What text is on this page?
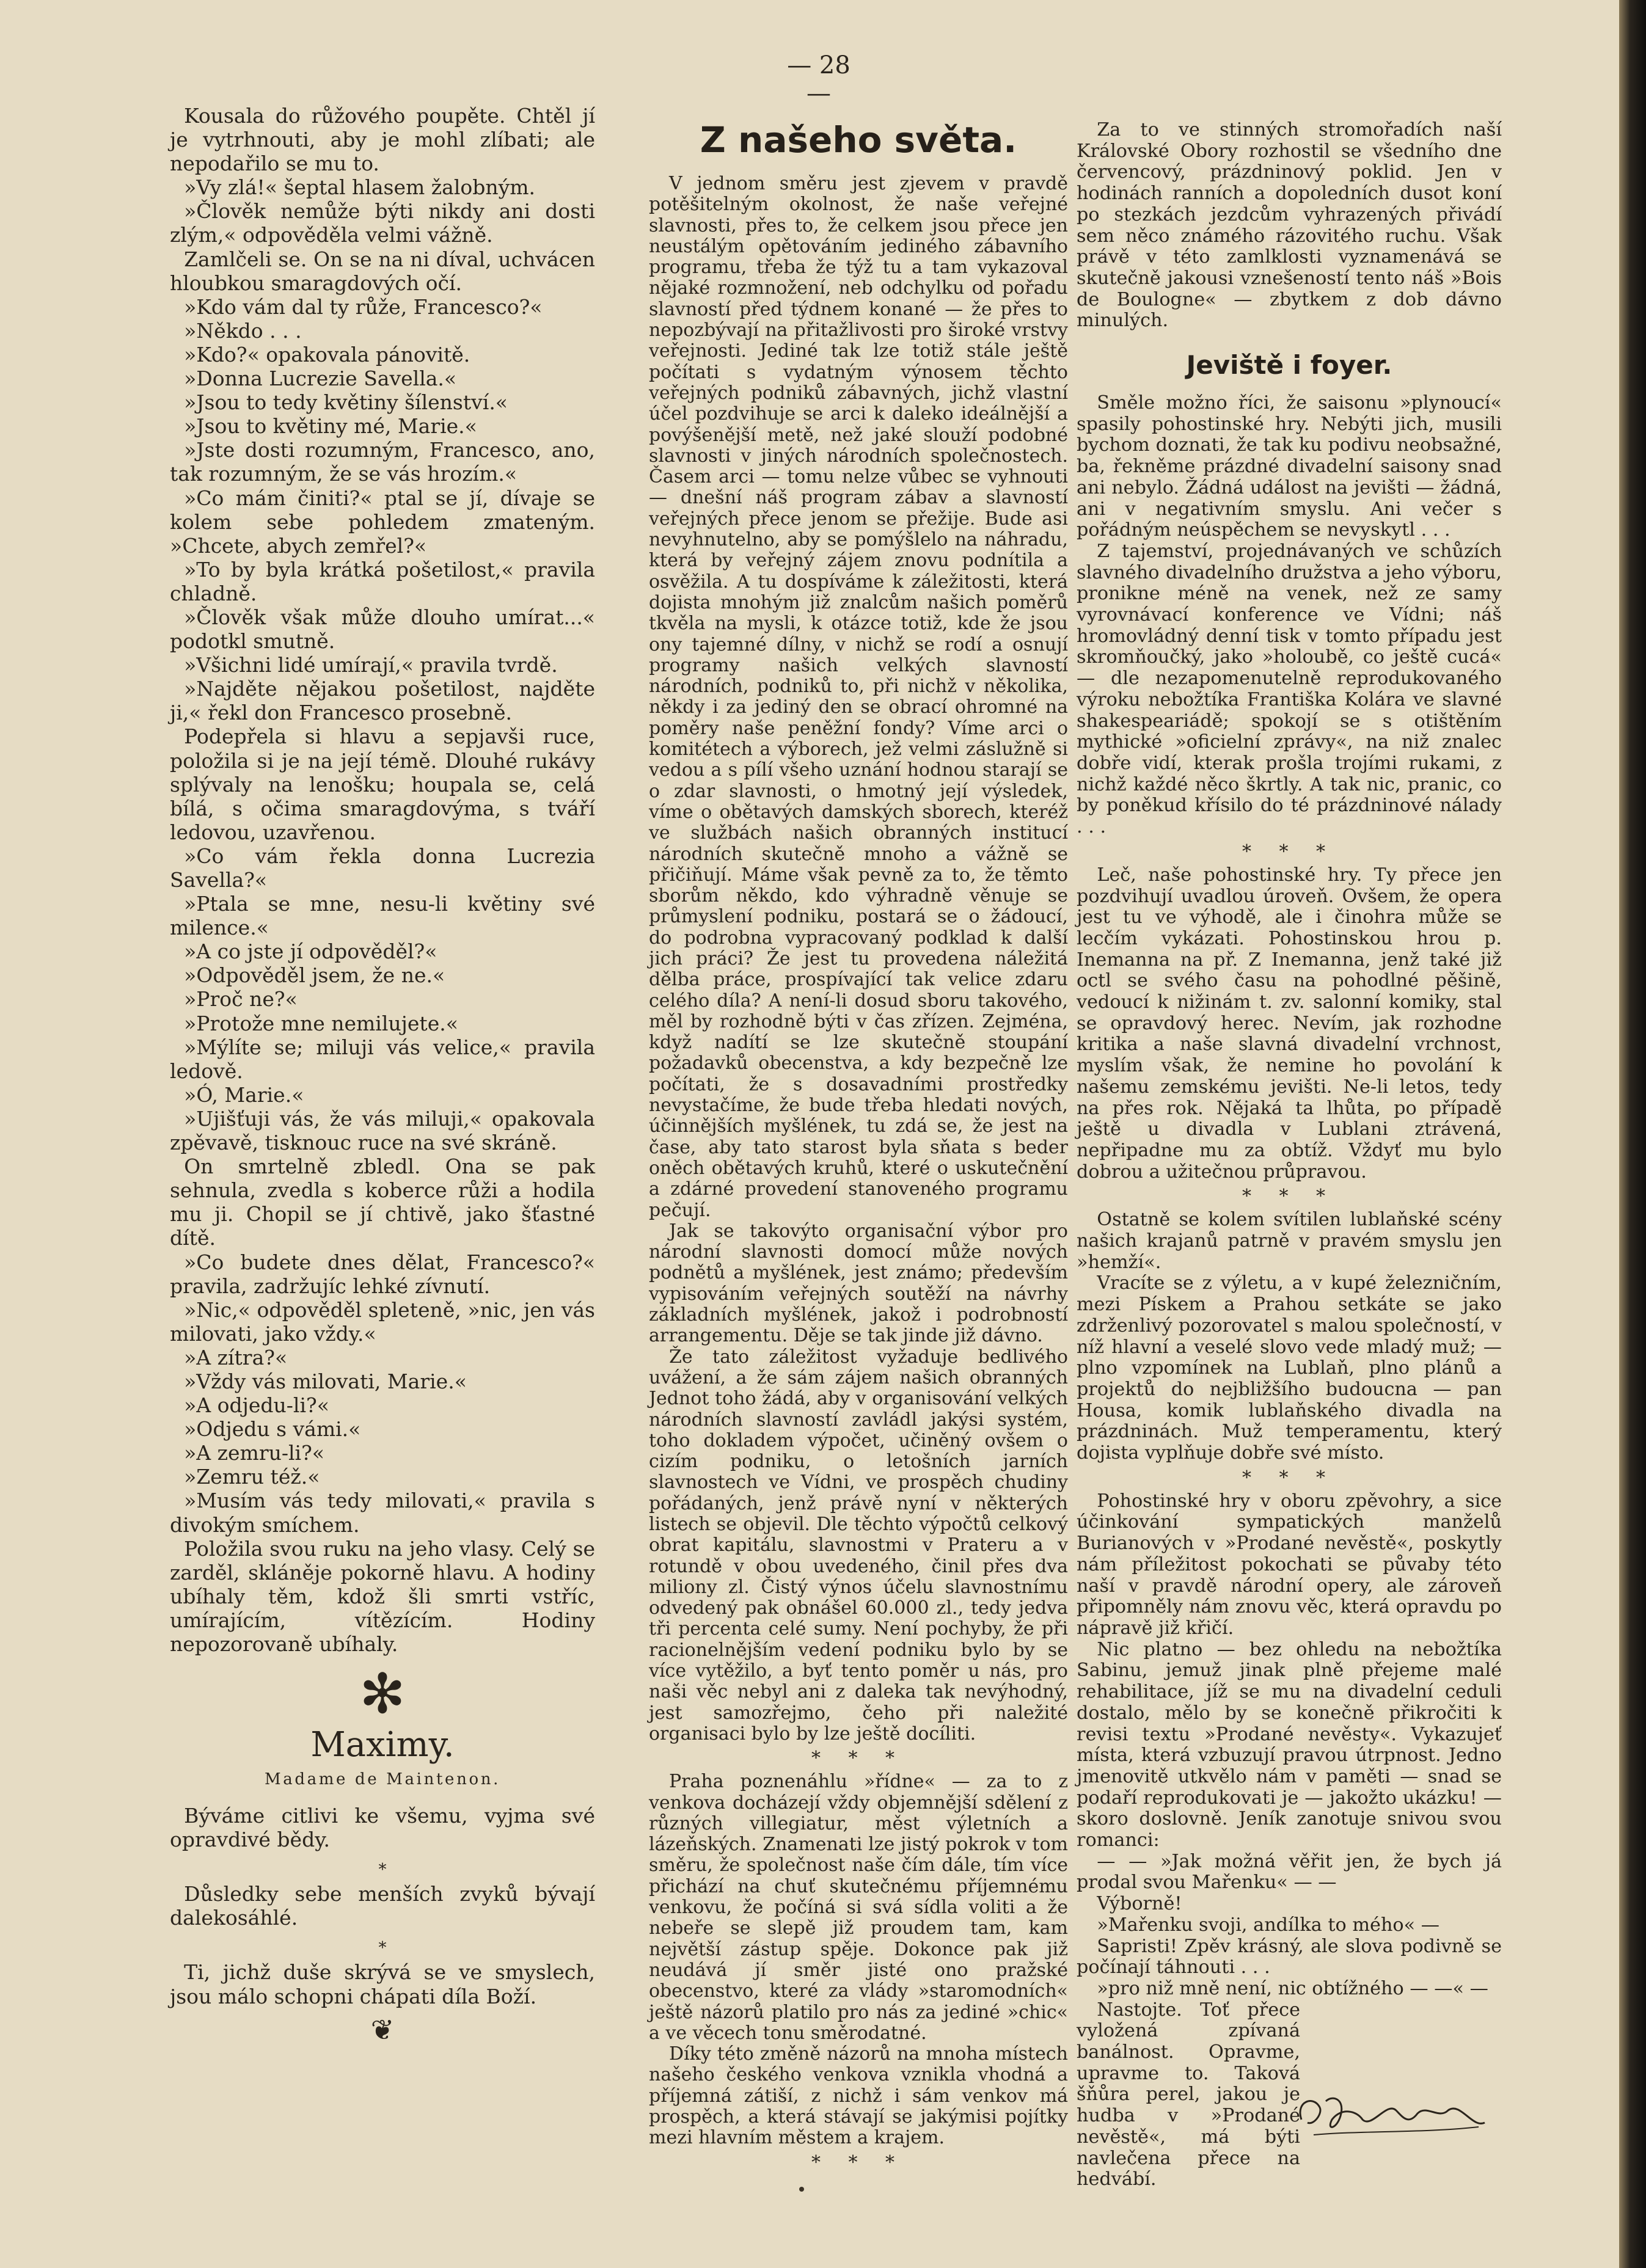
— 28 —

Kousala do růžového poupěte. Chtěl jí je vytrhnouti, aby je mohl zlíbati; ale nepodařilo se mu to.

»Vy zlá!« šeptal hlasem žalobným.

»Člověk nemůže býti nikdy ani dosti zlým,« odpověděla velmi vážně.

Zamlčeli se. On se na ni díval, uchvácen hloubkou smaragdových očí.

»Kdo vám dal ty růže, Francesco?«

»Někdo . . .

»Kdo?« opakovala pánovitě.

»Donna Lucrezie Savella.«

»Jsou to tedy květiny šílenství.«

»Jsou to květiny mé, Marie.«

»Jste dosti rozumným, Francesco, ano, tak rozumným, že se vás hrozím.«

»Co mám činiti?« ptal se jí, dívaje se kolem sebe pohledem zmateným. »Chcete, abych zemřel?«

»To by byla krátká pošetilost,« pravila chladně.

»Člověk však může dlouho umírat...« podotkl smutně.

»Všichni lidé umírají,« pravila tvrdě.

»Najděte nějakou pošetilost, najděte ji,« řekl don Francesco prosebně.

Podepřela si hlavu a sepjavši ruce, položila si je na její témě. Dlouhé rukávy splývaly na lenošku; houpala se, celá bílá, s očima smaragdovýma, s tváří ledovou, uzavřenou.

»Co vám řekla donna Lucrezia Savella?«

»Ptala se mne, nesu-li květiny své milence.«

»A co jste jí odpověděl?«

»Odpověděl jsem, že ne.«

»Proč ne?«

»Protože mne nemilujete.«

»Mýlíte se; miluji vás velice,« pravila ledově.

»Ó, Marie.«

»Ujišťuji vás, že vás miluji,« opakovala zpěvavě, tisknouc ruce na své skráně.

On smrtelně zbledl. Ona se pak sehnula, zvedla s koberce růži a hodila mu ji. Chopil se jí chtivě, jako šťastné dítě.

»Co budete dnes dělat, Francesco?« pravila, zadržujíc lehké zívnutí.

»Nic,« odpověděl spleteně, »nic, jen vás milovati, jako vždy.«

»A zítra?«

»Vždy vás milovati, Marie.«

»A odjedu-li?«

»Odjedu s vámi.«

»A zemru-li?«

»Zemru též.«

»Musím vás tedy milovati,« pravila s divokým smíchem.

Položila svou ruku na jeho vlasy. Celý se zarděl, skláněje pokorně hlavu. A hodiny ubíhaly těm, kdož šli smrti vstříc, umírajícím, vítězícím. Hodiny nepozorovaně ubíhaly.

✻
Maximy.
Madame de Maintenon.

Býváme citlivi ke všemu, vyjma své opravdivé bědy.

*

Důsledky sebe menších zvyků bývají dalekosáhlé.

*

Ti, jichž duše skrývá se ve smyslech, jsou málo schopni chápati díla Boží.

❦
Z našeho světa.

V jednom směru jest zjevem v pravdě potěšitelným okolnost, že naše veřejné slavnosti, přes to, že celkem jsou přece jen neustálým opětováním jediného zábavního programu, třeba že týž tu a tam vykazoval nějaké rozmnožení, neb odchylku od pořadu slavností před týdnem konané — že přes to nepozbývají na přitažlivosti pro široké vrstvy veřejnosti. Jediné tak lze totiž stále ještě počítati s vydatným výnosem těchto veřejných podniků zábavných, jichž vlastní účel pozdvihuje se arci k daleko ideálnější a povýšenější metě, než jaké slouží podobné slavnosti v jiných národních společnostech. Časem arci — tomu nelze vůbec se vyhnouti — dnešní náš program zábav a slavností veřejných přece jenom se přežije. Bude asi nevyhnutelno, aby se pomýšlelo na náhradu, která by veřejný zájem znovu podnítila a osvěžila. A tu dospíváme k záležitosti, která dojista mnohým již znalcům našich poměrů tkvěla na mysli, k otázce totiž, kde že jsou ony tajemné dílny, v nichž se rodí a osnují programy našich velkých slavností národních, podniků to, při nichž v několika, někdy i za jediný den se obrací ohromné na poměry naše peněžní fondy? Víme arci o komitétech a výborech, jež velmi záslužně si vedou a s pílí všeho uznání hodnou starají se o zdar slavnosti, o hmotný její výsledek, víme o obětavých damských sborech, kteréž ve službách našich obranných institucí národních skutečně mnoho a vážně se přičiňují. Máme však pevně za to, že těmto sborům někdo, kdo výhradně věnuje se průmyslení podniku, postará se o žádoucí, do podrobna vypracovaný podklad k další jich práci? Že jest tu provedena náležitá dělba práce, prospívající tak velice zdaru celého díla? A není-li dosud sboru takového, měl by rozhodně býti v čas zřízen. Zejména, když nadítí se lze skutečně stoupání požadavků obecenstva, a kdy bezpečně lze počítati, že s dosavadními prostředky nevystačíme, že bude třeba hledati nových, účinnějších myšlének, tu zdá se, že jest na čase, aby tato starost byla sňata s beder oněch obětavých kruhů, které o uskutečnění a zdárné provedení stanoveného programu pečují.

Jak se takovýto organisační výbor pro národní slavnosti domocí může nových podnětů a myšlének, jest známo; především vypisováním veřejných soutěží na návrhy základních myšlének, jakož i podrobností arrangementu. Děje se tak jinde již dávno.

Že tato záležitost vyžaduje bedlivého uvážení, a že sám zájem našich obranných Jednot toho žádá, aby v organisování velkých národních slavností zavládl jakýsi systém, toho dokladem výpočet, učiněný ovšem o cizím podniku, o letošních jarních slavnostech ve Vídni, ve prospěch chudiny pořádaných, jenž právě nyní v některých listech se objevil. Dle těchto výpočtů celkový obrat kapitálu, slavnostmi v Prateru a v rotundě v obou uvedeného, činil přes dva miliony zl. Čistý výnos účelu slavnostnímu odvedený pak obnášel 60.000 zl., tedy jedva tři percenta celé sumy. Není pochyby, že při racionelnějším vedení podniku bylo by se více vytěžilo, a byť tento poměr u nás, pro naši věc nebyl ani z daleka tak nevýhodný, jest samozřejmo, čeho při naležité organisaci bylo by lze ještě docíliti.

* * *

Praha poznenáhlu »řídne« — za to z venkova docházejí vždy objemnější sdělení z různých villegiatur, měst výletních a lázeňských. Znamenati lze jistý pokrok v tom směru, že společnost naše čím dále, tím více přichází na chuť skutečnému příjemnému venkovu, že počíná si svá sídla voliti a že nebeře se slepě již proudem tam, kam největší zástup spěje. Dokonce pak již neudává jí směr jisté ono pražské obecenstvo, které za vlády »staromodních« ještě názorů platilo pro nás za jediné »chic« a ve věcech tonu směrodatné.

Díky této změně názorů na mnoha místech našeho českého venkova vznikla vhodná a příjemná zátiší, z nichž i sám venkov má prospěch, a která stávají se jakýmisi pojítky mezi hlavním městem a krajem.

* * *

Za to ve stinných stromořadích naší Královské Obory rozhostil se všedního dne červencový, prázdninový poklid. Jen v hodinách ranních a dopoledních dusot koní po stezkách jezdcům vyhrazených přivádí sem něco známého rázovitého ruchu. Však právě v této zamlklosti vyznamenává se skutečně jakousi vznešeností tento náš »Bois de Boulogne« — zbytkem z dob dávno minulých.

Jeviště i foyer.

Směle možno říci, že saisonu »plynoucí« spasily pohostinské hry. Nebýti jich, musili bychom doznati, že tak ku podivu neobsažné, ba, řekněme prázdné divadelní saisony snad ani nebylo. Žádná událost na jevišti — žádná, ani v negativním smyslu. Ani večer s pořádným neúspěchem se nevyskytl . . .

Z tajemství, projednávaných ve schůzích slavného divadelního družstva a jeho výboru, pronikne méně na venek, než ze samy vyrovnávací konference ve Vídni; náš hromovládný denní tisk v tomto případu jest skromňoučký, jako »holoubě, co ještě cucá« — dle nezapomenutelně reprodukovaného výroku nebožtíka Františka Kolára ve slavné shakespeariádě; spokojí se s otištěním mythické »oficielní zprávy«, na niž znalec dobře vidí, kterak prošla trojími rukami, z nichž každé něco škrtly. A tak nic, pranic, co by poněkud křísilo do té prázdninové nálady . . .

* * *

Leč, naše pohostinské hry. Ty přece jen pozdvihují uvadlou úroveň. Ovšem, že opera jest tu ve výhodě, ale i činohra může se lecčím vykázati. Pohostinskou hrou p. Inemanna na př. Z Inemanna, jenž také již octl se svého času na pohodlné pěšině, vedoucí k nižinám t. zv. salonní komiky, stal se opravdový herec. Nevím, jak rozhodne kritika a naše slavná divadelní vrchnost, myslím však, že nemine ho povolání k našemu zemskému jevišti. Ne-li letos, tedy na přes rok. Nějaká ta lhůta, po případě ještě u divadla v Lublani ztrávená, nepřipadne mu za obtíž. Vždyť mu bylo dobrou a užitečnou průpravou.

* * *

Ostatně se kolem svítilen lublaňské scény našich krajanů patrně v pravém smyslu jen »hemží«.

Vracíte se z výletu, a v kupé železničním, mezi Pískem a Prahou setkáte se jako zdrženlivý pozorovatel s malou společností, v níž hlavní a veselé slovo vede mladý muž; — plno vzpomínek na Lublaň, plno plánů a projektů do nejbližšího budoucna — pan Housa, komik lublaňského divadla na prázdninách. Muž temperamentu, který dojista vyplňuje dobře své místo.

* * *

Pohostinské hry v oboru zpěvohry, a sice účinkování sympatických manželů Burianových v »Prodané nevěstě«, poskytly nám příležitost pokochati se půvaby této naší v pravdě národní opery, ale zároveň připomněly nám znovu věc, která opravdu po nápravě již křičí.

Nic platno — bez ohledu na nebožtíka Sabinu, jemuž jinak plně přejeme malé rehabilitace, jíž se mu na divadelní ceduli dostalo, mělo by se konečně přikročiti k revisi textu »Prodané nevěsty«. Vykazujeť místa, která vzbuzují pravou útrpnost. Jedno jmenovitě utkvělo nám v paměti — snad se podaří reprodukovati je — jakožto ukázku! — skoro doslovně. Jeník zanotuje snivou svou romanci:

— — »Jak možná věřit jen, že bych já prodal svou Mařenku« — —

Výborně!

»Mařenku svoji, andílka to mého« —

Sapristi! Zpěv krásný, ale slova podivně se počínají táhnouti . . .

»pro niž mně není, nic obtížného — —« —

Nastojte. Toť přece vyložená zpívaná banálnost. Opravme, upravme to. Taková šňůra perel, jakou je hudba v »Prodané nevěstě«, má býti navlečena přece na hedvábí.
